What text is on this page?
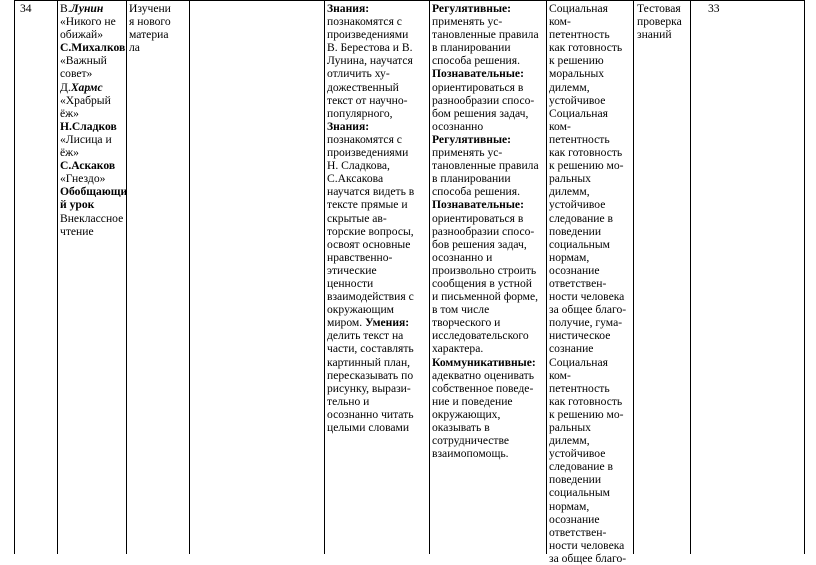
34 В.Лунин
«Никого не
обижай»
С.Михалков
«Важный
совет»
Д.Хармс
«Храбрый
ёж»
Н.Сладков
«Лисица и
ёж»
С.Аскаков
«Гнездо»
Обобщающи
й урок
Внеклассное
чтение
Изучени
я нового
материа
ла
Знания:
познакомятся с
произведениями
В. Берестова и В.
Лунина, научатся
отличить ху-
дожественный
текст от научно-
популярного,
Знания:
познакомятся с
произведениями
Н. Сладкова,
С.Аксакова
научатся видеть в
тексте прямые и
скрытые ав-
торские вопросы,
освоят основные
нравственно-
этические
ценности
взаимодействия с
окружающим
миром. Умения:
делить текст на
части, составлять
картинный план,
пересказывать по
рисунку, вырази-
тельно и
осознанно читать
целыми словами
Регулятивные:
применять ус-
тановленные правила
в планировании
способа решения.
Познавательные:
ориентироваться в
разнообразии спосо-
бом решения задач,
осознанно
Регулятивные:
применять ус-
тановленные правила
в планировании
способа решения.
Познавательные:
ориентироваться в
разнообразии спосо-
бов решения задач,
осознанно и
произвольно строить
сообщения в устной
и письменной форме,
в том числе
творческого и
исследовательского
характера.
Коммуникативные:
адекватно оценивать
собственное поведе-
ние и поведение
окружающих,
оказывать в
сотрудничестве
взаимопомощь.
Социальная
ком-
петентность
как готовность
к решению
моральных
дилемм,
устойчивое
Социальная
ком-
петентность
как готовность
к решению мо-
ральных
дилемм,
устойчивое
следование в
поведении
социальным
нормам,
осознание
ответствен-
ности человека
за общее благо-
получие, гума-
нистическое
сознание
Социальная
ком-
петентность
как готовность
к решению мо-
ральных
дилемм,
устойчивое
следование в
поведении
социальным
нормам,
осознание
ответствен-
ности человека
за общее благо-
Тестовая
проверка
знаний
33
